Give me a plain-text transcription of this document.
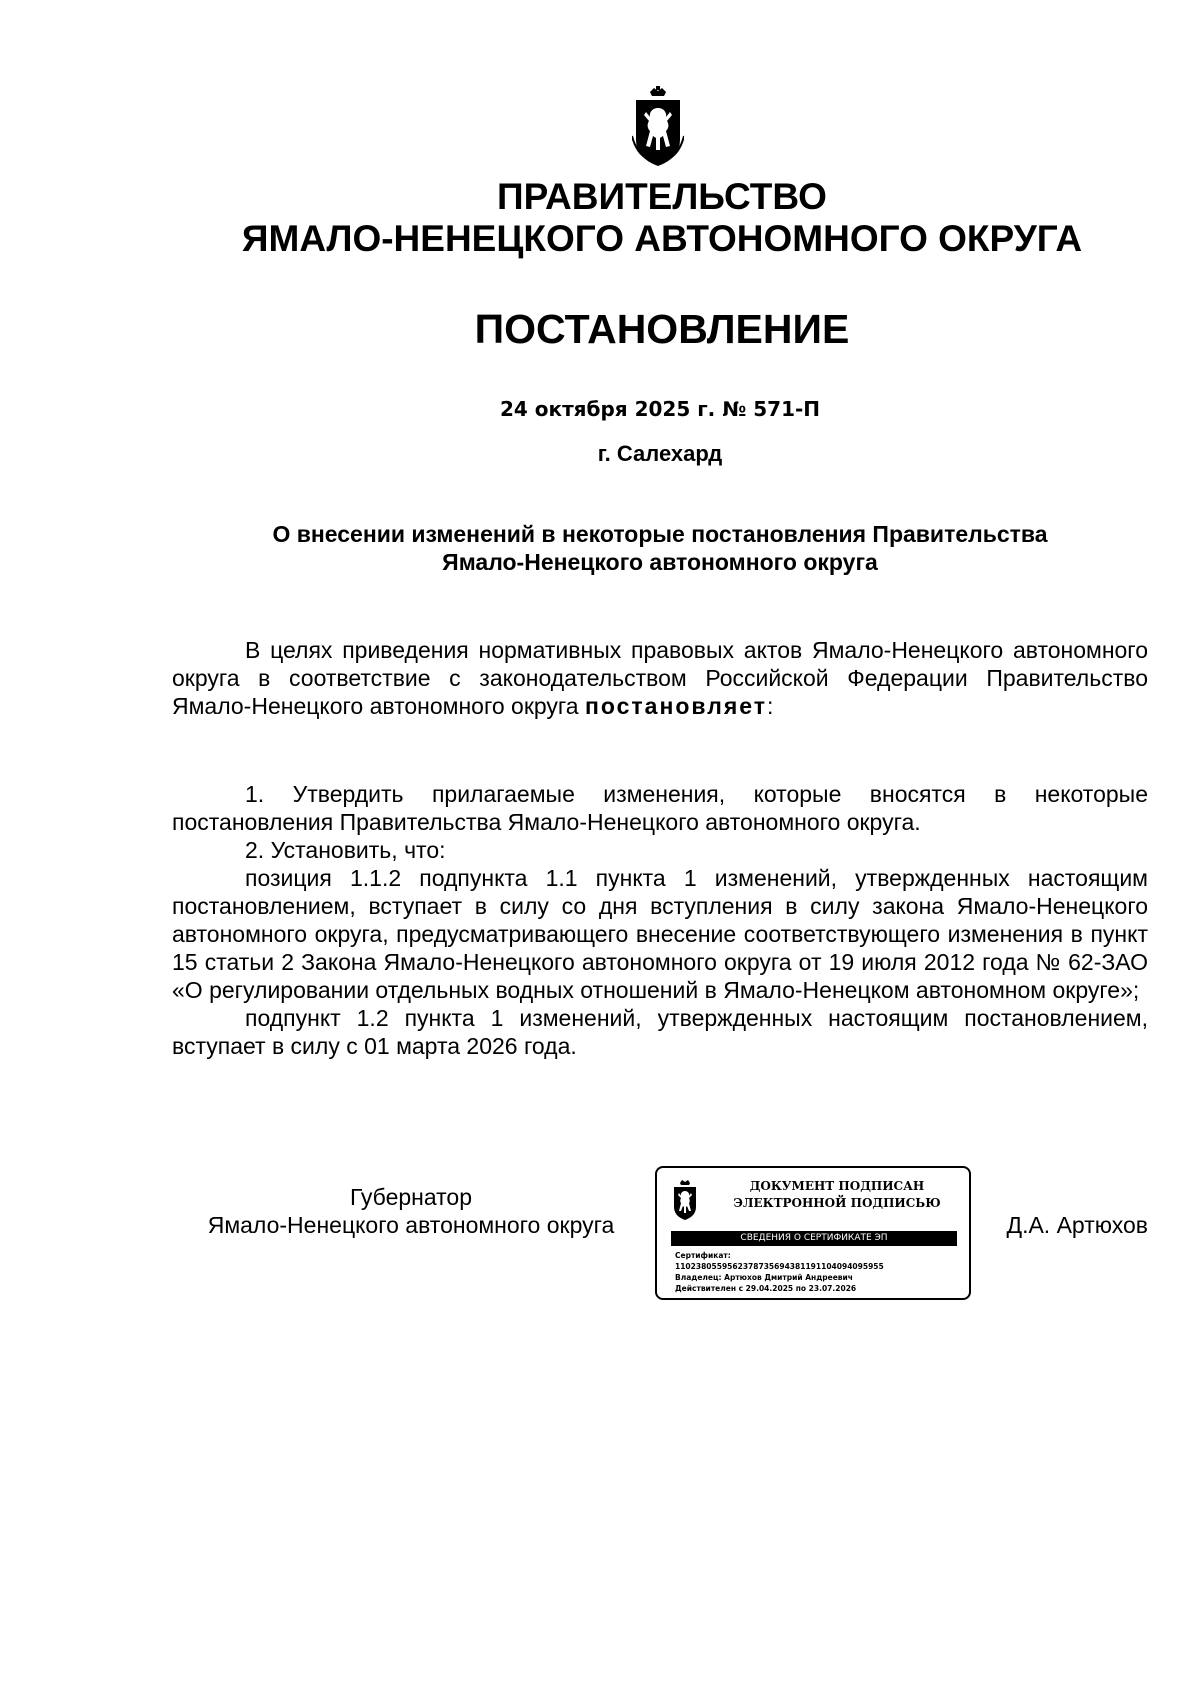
ПРАВИТЕЛЬСТВО
ЯМАЛО-НЕНЕЦКОГО АВТОНОМНОГО ОКРУГА
ПОСТАНОВЛЕНИЕ
24 октября 2025 г. № 571-П
г. Салехард
О внесении изменений в некоторые постановления Правительства
Ямало-Ненецкого автономного округа

В целях приведения нормативных правовых актов Ямало-Ненецкого автономного округа в соответствие с законодательством Российской Федерации Правительство Ямало-Ненецкого автономного округа постановляет:

1. Утвердить прилагаемые изменения, которые вносятся в некоторые постановления Правительства Ямало-Ненецкого автономного округа.

2. Установить, что:

позиция 1.1.2 подпункта 1.1 пункта 1 изменений, утвержденных настоящим постановлением, вступает в силу со дня вступления в силу закона Ямало-Ненецкого автономного округа, предусматривающего внесение соответствующего изменения в пункт 15 статьи 2 Закона Ямало-Ненецкого автономного округа от 19 июля 2012 года № 62-ЗАО «О регулировании отдельных водных отношений в Ямало-Ненецком автономном округе»;

подпункт 1.2 пункта 1 изменений, утвержденных настоящим постановлением, вступает в силу с 01 марта 2026 года.

Губернатор
Ямало-Ненецкого автономного округа
ДОКУМЕНТ ПОДПИСАН
ЭЛЕКТРОННОЙ ПОДПИСЬЮ
СВЕДЕНИЯ О СЕРТИФИКАТЕ ЭП
Сертификат:
1102380559562378735694381191104094095955
Владелец: Артюхов Дмитрий Андреевич
Действителен с 29.04.2025 по 23.07.2026
Д.А. Артюхов
